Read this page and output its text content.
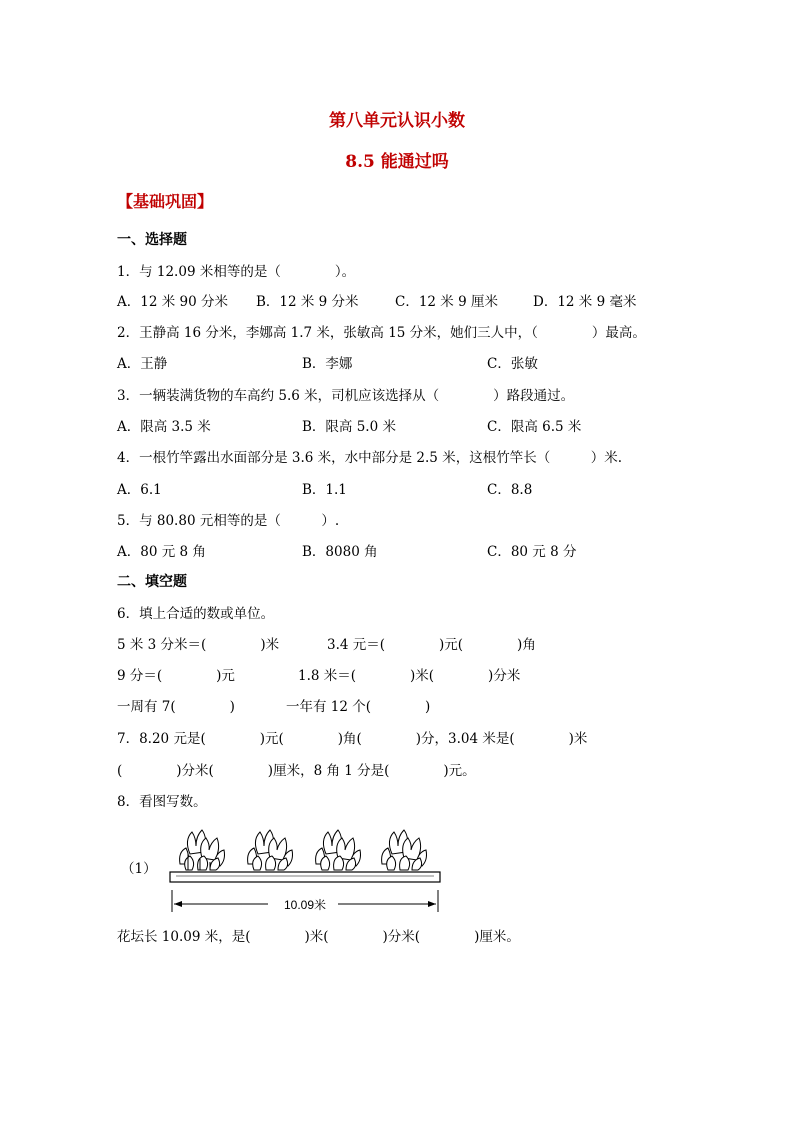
第八单元认识小数
8.5 能通过吗
【基础巩固】
一、选择题
1．与 12.09 米相等的是（　　　　）。
A．12 米 90 分米 B．12 米 9 分米	C．12 米 9 厘米	D．12 米 9 毫米
2．王静高 16 分米，李娜高 1.7 米，张敏高 15 分米，她们三人中，（　　　　）最高。
A．王静	B．李娜	C．张敏
3．一辆装满货物的车高约 5.6 米，司机应该选择从（　　　　）路段通过。
A．限高 3.5 米	B．限高 5.0 米	C．限高 6.5 米
4．一根竹竿露出水面部分是 3.6 米，水中部分是 2.5 米，这根竹竿长（　　　）米.
A．6.1	B．1.1	C．8.8
5．与 80.80 元相等的是（　　　）.
A．80 元 8 角	B．8080 角	C．80 元 8 分
二、填空题
6．填上合适的数或单位。
5 米 3 分米＝(　　　　)米	3.4 元＝(　　　　)元(　　　　)角
9 分＝(　　　　)元	1.8 米＝(　　　　)米(　　　　)分米
一周有 7(　　　　)	一年有 12 个(　　　　)
7．8.20 元是(　　　　)元(　　　　)角(　　　　)分，3.04 米是(　　　　)米
(　　　　)分米(　　　　)厘米，8 角 1 分是(　　　　)元。
8．看图写数。
（1）
10.09米
花坛长 10.09 米，是(　　　　)米(　　　　)分米(　　　　)厘米。
